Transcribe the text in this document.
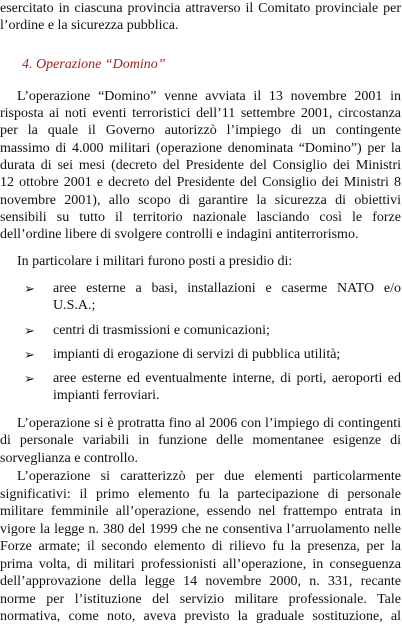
esercitato in ciascuna provincia attraverso il Comitato provinciale per
l’ordine e la sicurezza pubblica.
4. Operazione “Domino”
L’operazione “Domino” venne avviata il 13 novembre 2001 in
risposta ai noti eventi terroristici dell’11 settembre 2001, circostanza
per la quale il Governo autorizzò l’impiego di un contingente
massimo di 4.000 militari (operazione denominata “Domino”) per la
durata di sei mesi (decreto del Presidente del Consiglio dei Ministri
12 ottobre 2001 e decreto del Presidente del Consiglio dei Ministri 8
novembre 2001), allo scopo di garantire la sicurezza di obiettivi
sensibili su tutto il territorio nazionale lasciando così le forze
dell’ordine libere di svolgere controlli e indagini antiterrorismo.
In particolare i militari furono posti a presidio di:
➢ aree esterne a basi, installazioni e caserme NATO e/o
U.S.A.;
➢ centri di trasmissioni e comunicazioni;
➢ impianti di erogazione di servizi di pubblica utilità;
➢ aree esterne ed eventualmente interne, di porti, aeroporti ed
impianti ferroviari.
L’operazione si è protratta fino al 2006 con l’impiego di contingenti
di personale variabili in funzione delle momentanee esigenze di
sorveglianza e controllo.
L’operazione si caratterizzò per due elementi particolarmente
significativi: il primo elemento fu la partecipazione di personale
militare femminile all’operazione, essendo nel frattempo entrata in
vigore la legge n. 380 del 1999 che ne consentiva l’arruolamento nelle
Forze armate; il secondo elemento di rilievo fu la presenza, per la
prima volta, di militari professionisti all’operazione, in conseguenza
dell’approvazione della legge 14 novembre 2000, n. 331, recante
norme per l’istituzione del servizio militare professionale. Tale
normativa, come noto, aveva previsto la graduale sostituzione, al
